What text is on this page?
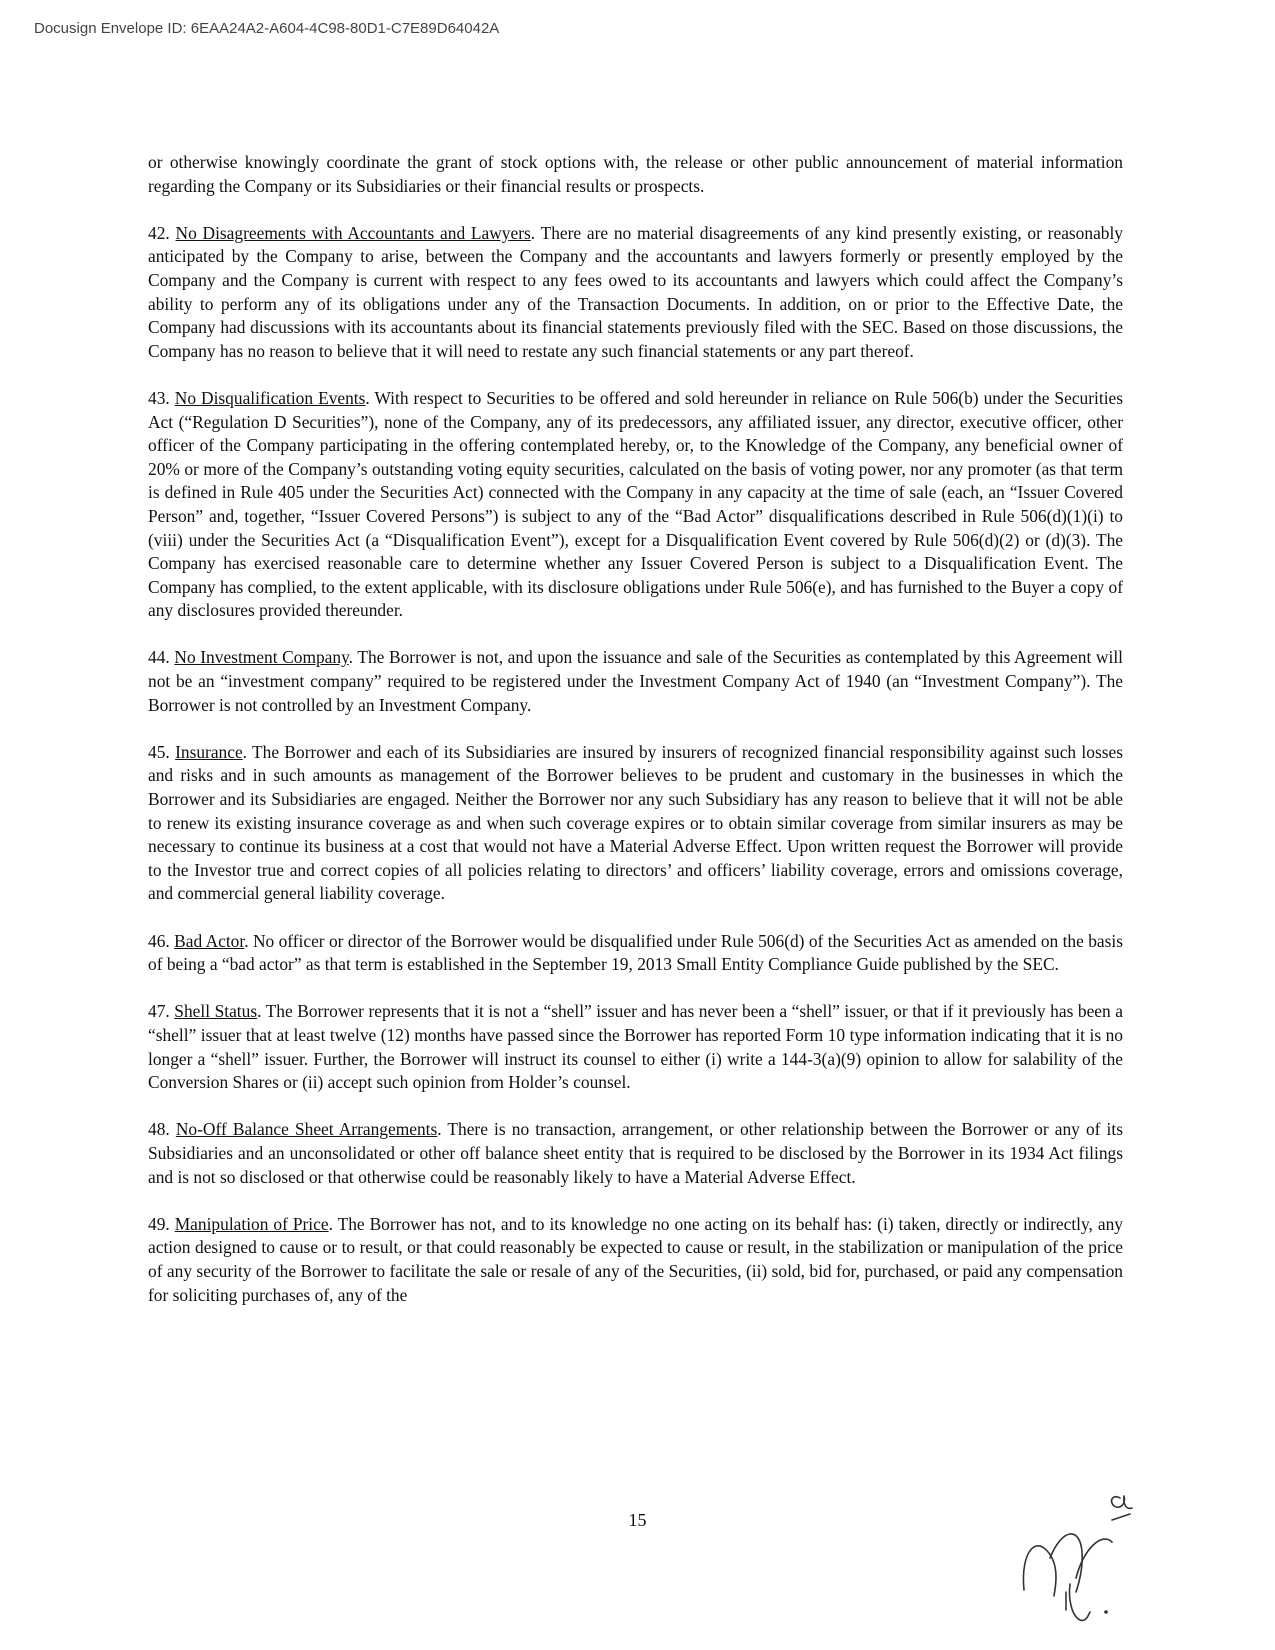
Docusign Envelope ID: 6EAA24A2-A604-4C98-80D1-C7E89D64042A

or otherwise knowingly coordinate the grant of stock options with, the release or other public announcement of material information regarding the Company or its Subsidiaries or their financial results or prospects.

42. No Disagreements with Accountants and Lawyers. There are no material disagreements of any kind presently existing, or reasonably anticipated by the Company to arise, between the Company and the accountants and lawyers formerly or presently employed by the Company and the Company is current with respect to any fees owed to its accountants and lawyers which could affect the Company’s ability to perform any of its obligations under any of the Transaction Documents. In addition, on or prior to the Effective Date, the Company had discussions with its accountants about its financial statements previously filed with the SEC. Based on those discussions, the Company has no reason to believe that it will need to restate any such financial statements or any part thereof.

43. No Disqualification Events. With respect to Securities to be offered and sold hereunder in reliance on Rule 506(b) under the Securities Act (“Regulation D Securities”), none of the Company, any of its predecessors, any affiliated issuer, any director, executive officer, other officer of the Company participating in the offering contemplated hereby, or, to the Knowledge of the Company, any beneficial owner of 20% or more of the Company’s outstanding voting equity securities, calculated on the basis of voting power, nor any promoter (as that term is defined in Rule 405 under the Securities Act) connected with the Company in any capacity at the time of sale (each, an “Issuer Covered Person” and, together, “Issuer Covered Persons”) is subject to any of the “Bad Actor” disqualifications described in Rule 506(d)(1)(i) to (viii) under the Securities Act (a “Disqualification Event”), except for a Disqualification Event covered by Rule 506(d)(2) or (d)(3). The Company has exercised reasonable care to determine whether any Issuer Covered Person is subject to a Disqualification Event. The Company has complied, to the extent applicable, with its disclosure obligations under Rule 506(e), and has furnished to the Buyer a copy of any disclosures provided thereunder.

44. No Investment Company. The Borrower is not, and upon the issuance and sale of the Securities as contemplated by this Agreement will not be an “investment company” required to be registered under the Investment Company Act of 1940 (an “Investment Company”). The Borrower is not controlled by an Investment Company.

45. Insurance. The Borrower and each of its Subsidiaries are insured by insurers of recognized financial responsibility against such losses and risks and in such amounts as management of the Borrower believes to be prudent and customary in the businesses in which the Borrower and its Subsidiaries are engaged. Neither the Borrower nor any such Subsidiary has any reason to believe that it will not be able to renew its existing insurance coverage as and when such coverage expires or to obtain similar coverage from similar insurers as may be necessary to continue its business at a cost that would not have a Material Adverse Effect. Upon written request the Borrower will provide to the Investor true and correct copies of all policies relating to directors’ and officers’ liability coverage, errors and omissions coverage, and commercial general liability coverage.

46. Bad Actor. No officer or director of the Borrower would be disqualified under Rule 506(d) of the Securities Act as amended on the basis of being a “bad actor” as that term is established in the September 19, 2013 Small Entity Compliance Guide published by the SEC.

47. Shell Status. The Borrower represents that it is not a “shell” issuer and has never been a “shell” issuer, or that if it previously has been a “shell” issuer that at least twelve (12) months have passed since the Borrower has reported Form 10 type information indicating that it is no longer a “shell” issuer. Further, the Borrower will instruct its counsel to either (i) write a 144-3(a)(9) opinion to allow for salability of the Conversion Shares or (ii) accept such opinion from Holder’s counsel.

48. No-Off Balance Sheet Arrangements. There is no transaction, arrangement, or other relationship between the Borrower or any of its Subsidiaries and an unconsolidated or other off balance sheet entity that is required to be disclosed by the Borrower in its 1934 Act filings and is not so disclosed or that otherwise could be reasonably likely to have a Material Adverse Effect.

49. Manipulation of Price. The Borrower has not, and to its knowledge no one acting on its behalf has: (i) taken, directly or indirectly, any action designed to cause or to result, or that could reasonably be expected to cause or result, in the stabilization or manipulation of the price of any security of the Borrower to facilitate the sale or resale of any of the Securities, (ii) sold, bid for, purchased, or paid any compensation for soliciting purchases of, any of the

15
